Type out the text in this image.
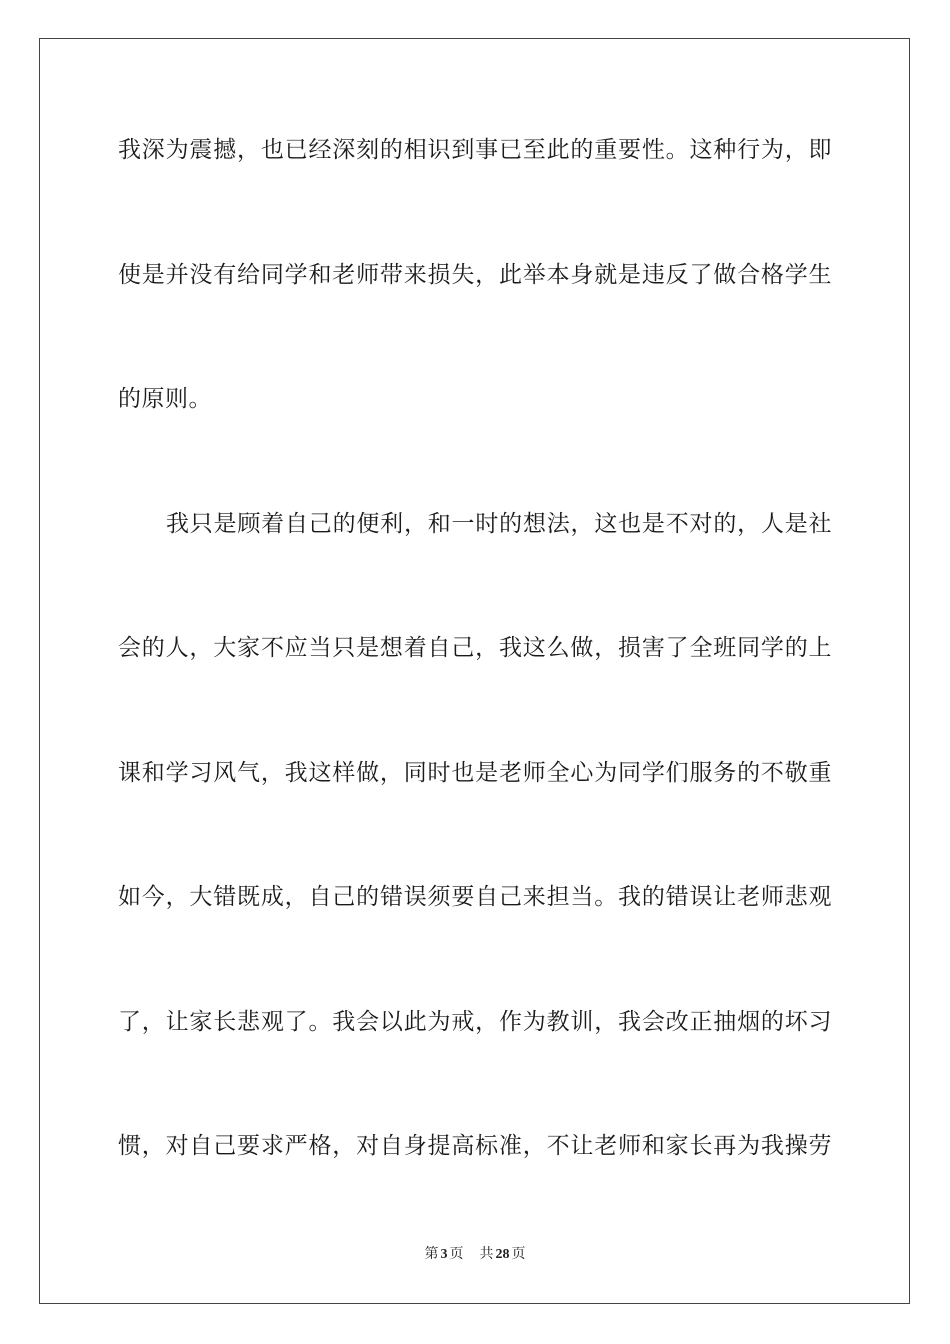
我深为震撼，也已经深刻的相识到事已至此的重要性。这种行为，即
使是并没有给同学和老师带来损失，此举本身就是违反了做合格学生
的原则。
我只是顾着自己的便利，和一时的想法，这也是不对的，人是社
会的人，大家不应当只是想着自己，我这么做，损害了全班同学的上
课和学习风气，我这样做，同时也是老师全心为同学们服务的不敬重
如今，大错既成，自己的错误须要自己来担当。我的错误让老师悲观
了，让家长悲观了。我会以此为戒，作为教训，我会改正抽烟的坏习
惯，对自己要求严格，对自身提高标准，不让老师和家长再为我操劳
第 3 页 共 28 页
